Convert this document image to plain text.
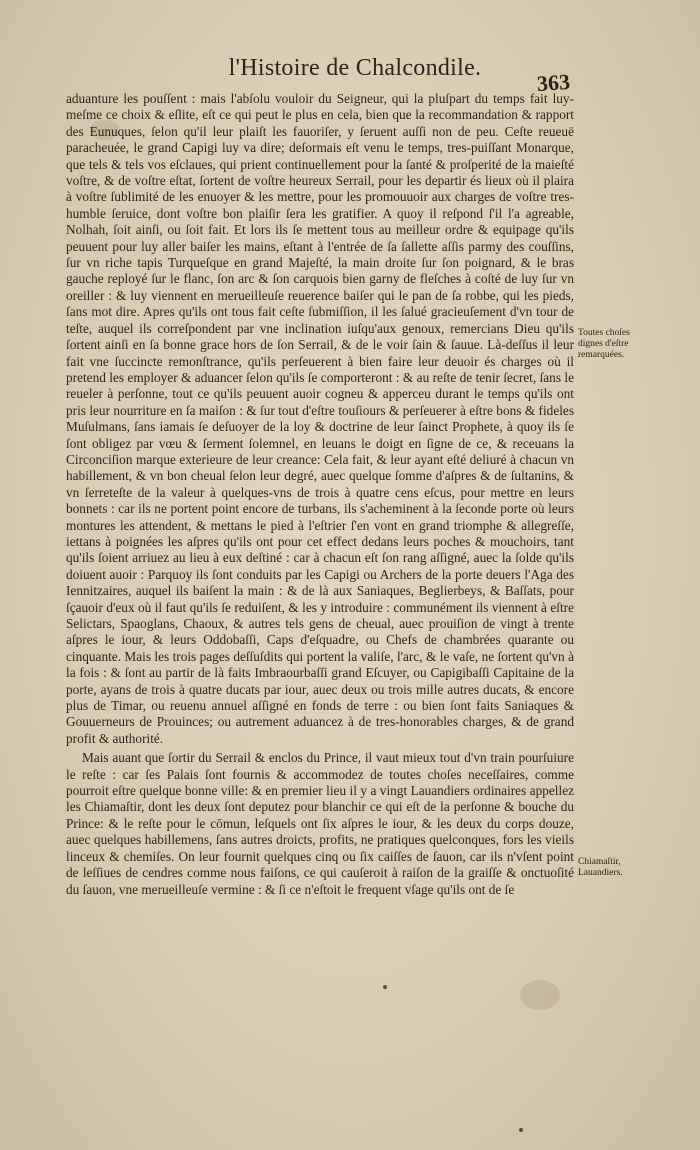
l'Histoire de Chalcondile.
363

aduanture les pouſſent : mais l'abſolu vouloir du Seigneur, qui la pluſpart du temps fait luy-meſme ce choix & eſlite, eſt ce qui peut le plus en cela, bien que la recommandation & rapport des Eunuques, ſelon qu'il leur plaiſt les fauoriſer, y ſeruent auſſi non de peu. Ceſte reueuë paracheuée, le grand Capigi luy va dire; deſormais eſt venu le temps, tres-puiſſant Monarque, que tels & tels vos eſclaues, qui prient continuellement pour la ſanté & proſperité de la maieſté voſtre, & de voſtre eſtat, ſortent de voſtre heureux Serrail, pour les departir és lieux où il plaira à voſtre ſublimité de les enuoyer & les mettre, pour les promouuoir aux charges de voſtre tres-humble ſeruice, dont voſtre bon plaiſir ſera les gratifier. A quoy il reſpond ſ'il l'a agreable, Nolhah, ſoit ainſi, ou ſoit fait. Et lors ils ſe mettent tous au meilleur ordre & equipage qu'ils peuuent pour luy aller baiſer les mains, eſtant à l'entrée de ſa ſallette aſſis parmy des couſſins, ſur vn riche tapis Turqueſque en grand Majeſté, la main droite ſur ſon poignard, & le bras gauche reployé ſur le flanc, ſon arc & ſon carquois bien garny de fleſches à coſté de luy ſur vn oreiller : & luy viennent en merueilleuſe reuerence baiſer qui le pan de ſa robbe, qui les pieds, ſans mot dire. Apres qu'ils ont tous fait ceſte ſubmiſſion, il les ſalué gracieuſement d'vn tour de teſte, auquel ils correſpondent par vne inclination iuſqu'aux genoux, remercians Dieu qu'ils ſortent ainſi en ſa bonne grace hors de ſon Serrail, & de le voir ſain & ſauue. Là-deſſus il leur fait vne ſuccincte remonſtrance, qu'ils perſeuerent à bien faire leur deuoir és charges où il pretend les employer & aduancer ſelon qu'ils ſe comporteront : & au reſte de tenir ſecret, ſans le reueler à perſonne, tout ce qu'ils peuuent auoir cogneu & apperceu durant le temps qu'ils ont pris leur nourriture en ſa maiſon : & ſur tout d'eſtre touſiours & perſeuerer à eſtre bons & fideles Muſulmans, ſans iamais ſe deſuoyer de la loy & doctrine de leur ſainct Prophete, à quoy ils ſe ſont obligez par vœu & ſerment ſolemnel, en leuans le doigt en ſigne de ce, & receuans la Circonciſion marque exterieure de leur creance: Cela fait, & leur ayant eſté deliuré à chacun vn habillement, & vn bon cheual ſelon leur degré, auec quelque ſomme d'aſpres & de ſultanins, & vn ſerreteſte de la valeur à quelques-vns de trois à quatre cens eſcus, pour mettre en leurs bonnets : car ils ne portent point encore de turbans, ils s'acheminent à la ſeconde porte où leurs montures les attendent, & mettans le pied à l'eſtrier ſ'en vont en grand triomphe & allegreſſe, iettans à poignées les aſpres qu'ils ont pour cet effect dedans leurs poches & mouchoirs, tant qu'ils ſoient arriuez au lieu à eux deſtiné : car à chacun eſt ſon rang aſſigné, auec la ſolde qu'ils doiuent auoir : Parquoy ils ſont conduits par les Capigi ou Archers de la porte deuers l'Aga des Iennitzaires, auquel ils baiſent la main : & de là aux Saniaques, Beglierbeys, & Baſſats, pour ſçauoir d'eux où il faut qu'ils ſe reduiſent, & les y introduire : communément ils viennent à eſtre Selictars, Spaoglans, Chaoux, & autres tels gens de cheual, auec prouiſion de vingt à trente aſpres le iour, & leurs Oddobaſſi, Caps d'eſquadre, ou Chefs de chambrées quarante ou cinquante. Mais les trois pages deſſuſdits qui portent la valiſe, l'arc, & le vaſe, ne ſortent qu'vn à la fois : & ſont au partir de là faits Imbraourbaſſi grand Eſcuyer, ou Capigibaſſi Capitaine de la porte, ayans de trois à quatre ducats par iour, auec deux ou trois mille autres ducats, & encore plus de Timar, ou reuenu annuel aſſigné en fonds de terre : ou bien ſont faits Saniaques & Gouuerneurs de Prouinces; ou autrement aduancez à de tres-honorables charges, & de grand profit & authorité.

Mais auant que ſortir du Serrail & enclos du Prince, il vaut mieux tout d'vn train pourſuiure le reſte : car ſes Palais ſont fournis & accommodez de toutes choſes neceſſaires, comme pourroit eſtre quelque bonne ville: & en premier lieu il y a vingt Lauandiers ordinaires appellez les Chiamaſtir, dont les deux ſont deputez pour blanchir ce qui eſt de la perſonne & bouche du Prince: & le reſte pour le cōmun, leſquels ont ſix aſpres le iour, & les deux du corps douze, auec quelques habillemens, ſans autres droicts, profits, ne pratiques quelconques, fors les vieils linceux & chemiſes. On leur fournit quelques cinq ou ſix caiſſes de ſauon, car ils n'vſent point de leſſiues de cendres comme nous faiſons, ce qui cauſeroit à raiſon de la graiſſe & onctuoſité du ſauon, vne merueilleuſe vermine : & ſi ce n'eſtoit le frequent vſage qu'ils ont de ſe

Toutes choſes dignes d'eſtre remarquées.
Chiamaſtir, Lauandiers.
